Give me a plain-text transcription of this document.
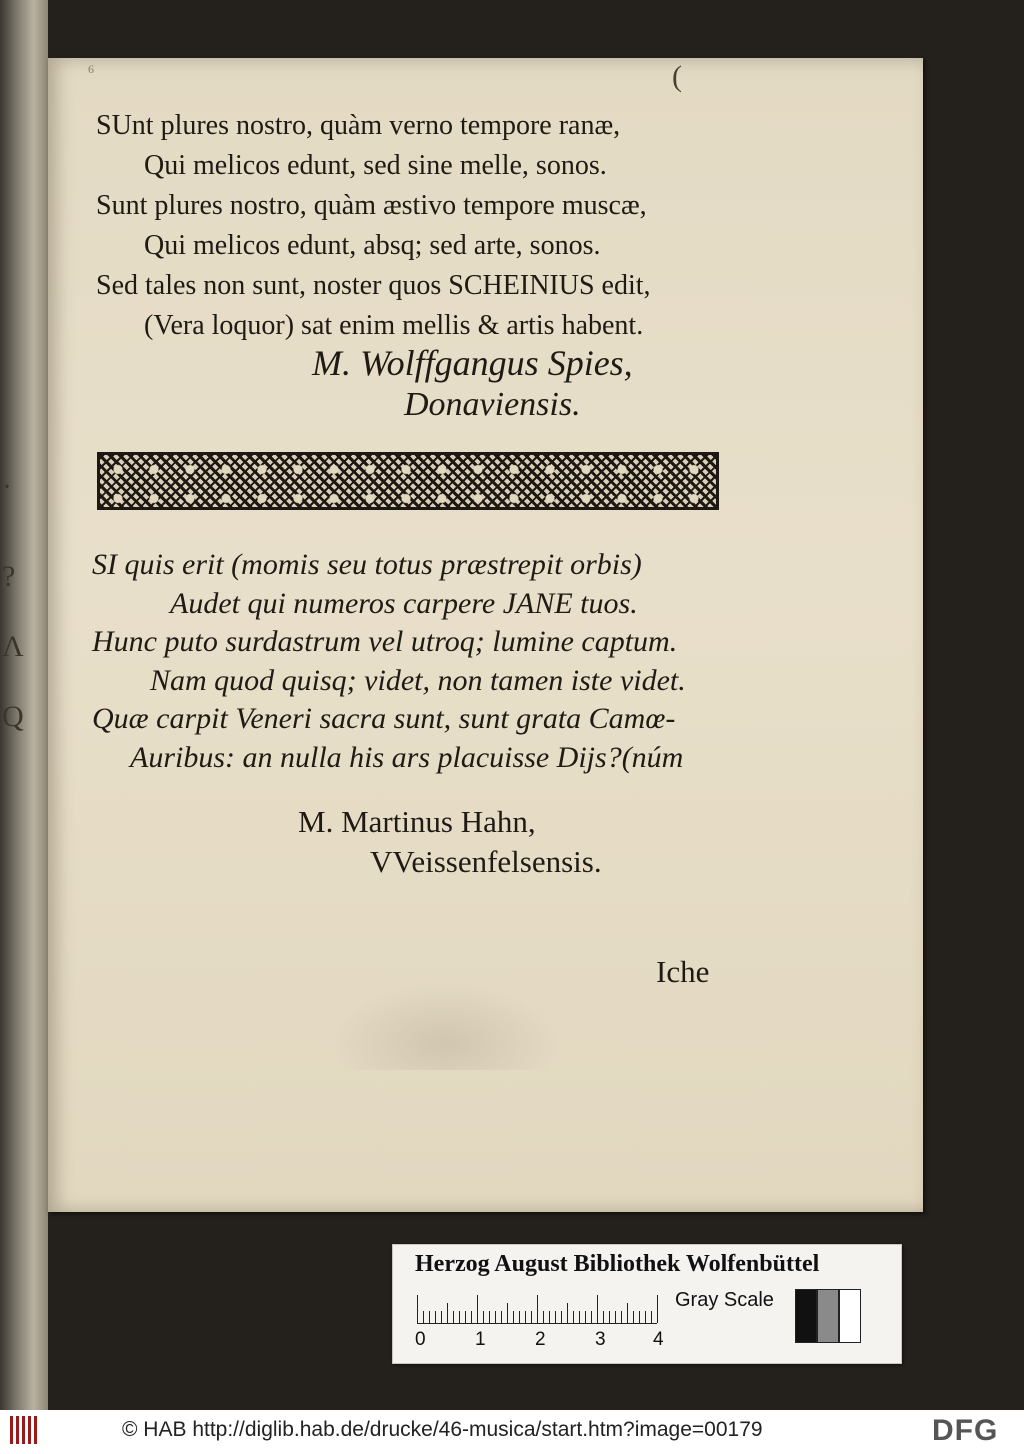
·
?
Λ
Q
6	(
SUnt plures nostro, quàm verno tempore ranæ,
Qui melicos edunt, sed sine melle, sonos.
Sunt plures nostro, quàm æstivo tempore muscæ,
Qui melicos edunt, absq; sed arte, sonos.
Sed tales non sunt, noster quos SCHEINIUS edit,
(Vera loquor) sat enim mellis & artis habent.
M. Wolffgangus Spies,
Donaviensis.
SI quis erit (momis seu totus præstrepit orbis)
Audet qui numeros carpere JANE tuos.
Hunc puto surdastrum vel utroq; lumine captum.
Nam quod quisq; videt, non tamen iste videt.
Quæ carpit Veneri sacra sunt, sunt grata Camœ-
Auribus: an nulla his ars placuisse Dijs?(núm
M. Martinus Hahn,
VVeissenfelsensis.
Iche
Herzog August Bibliothek Wolfenbüttel
0	1	2	3 4
Gray Scale
© HAB http://diglib.hab.de/drucke/46-musica/start.htm?image=00179	DFG
